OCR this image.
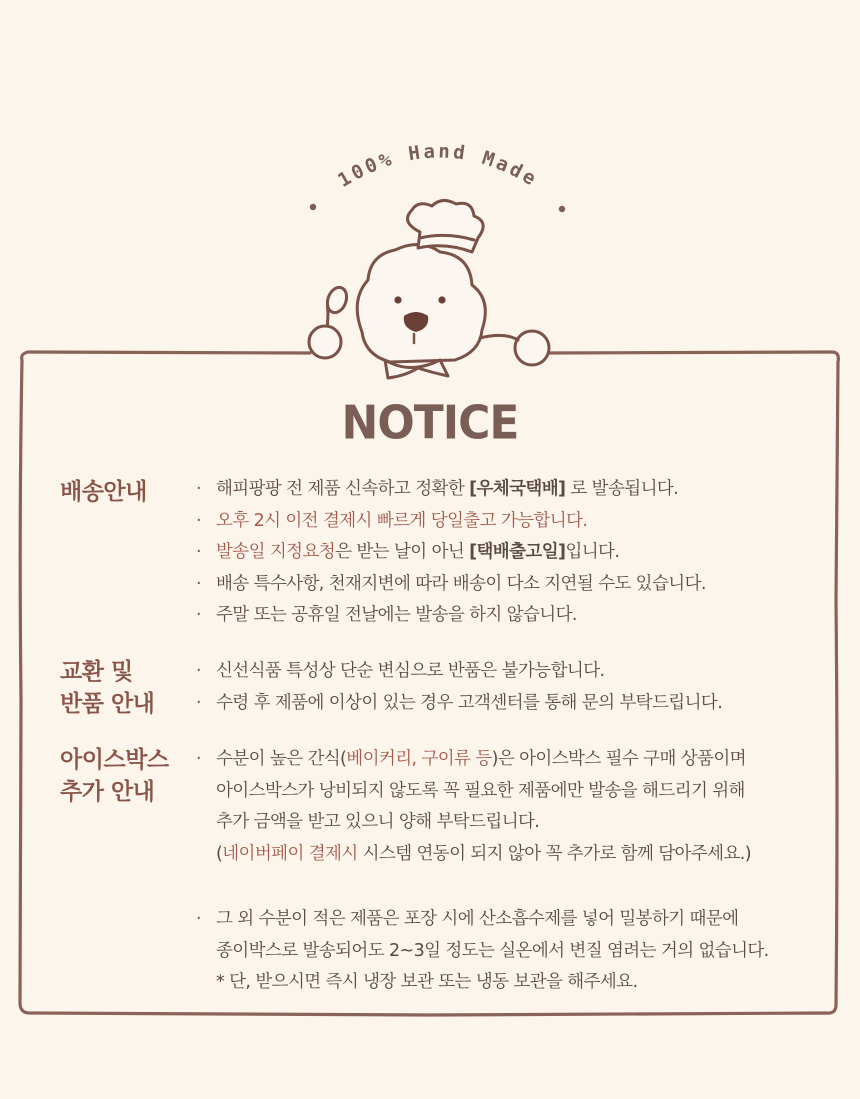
100% Hand Made
NOTICE
배송안내	· 해피팡팡 전 제품 신속하고 정확한 [우체국택배] 로 발송됩니다.
· 오후 2시 이전 결제시 빠르게 당일출고 가능합니다.
· 발송일 지정요청은 받는 날이 아닌 [택배출고일]입니다.
· 배송 특수사항, 천재지변에 따라 배송이 다소 지연될 수도 있습니다.
· 주말 또는 공휴일 전날에는 발송을 하지 않습니다.
교환 및
반품 안내
· 신선식품 특성상 단순 변심으로 반품은 불가능합니다.
· 수령 후 제품에 이상이 있는 경우 고객센터를 통해 문의 부탁드립니다.
아이스박스
추가 안내
· 수분이 높은 간식(베이커리, 구이류 등)은 아이스박스 필수 구매 상품이며
아이스박스가 낭비되지 않도록 꼭 필요한 제품에만 발송을 해드리기 위해
추가 금액을 받고 있으니 양해 부탁드립니다.
(네이버페이 결제시 시스템 연동이 되지 않아 꼭 추가로 함께 담아주세요.)
· 그 외 수분이 적은 제품은 포장 시에 산소흡수제를 넣어 밀봉하기 때문에
종이박스로 발송되어도 2~3일 정도는 실온에서 변질 염려는 거의 없습니다.
* 단, 받으시면 즉시 냉장 보관 또는 냉동 보관을 해주세요.
